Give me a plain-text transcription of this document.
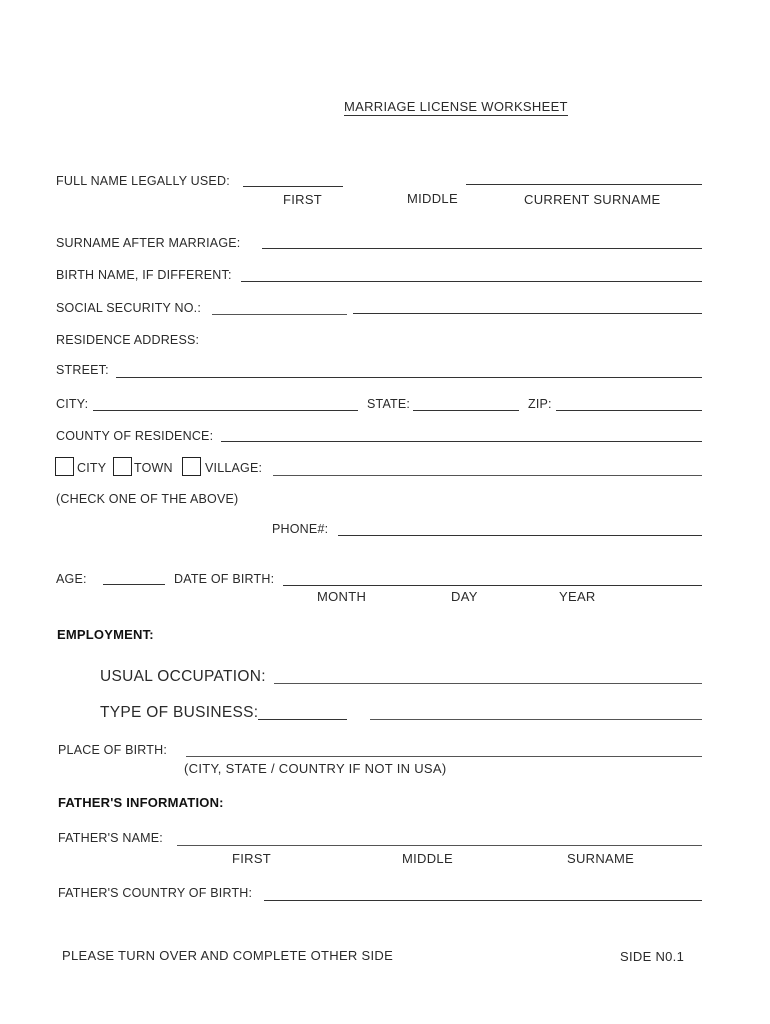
MARRIAGE LICENSE WORKSHEET
FULL NAME LEGALLY USED:
FIRST	MIDDLE	CURRENT SURNAME
SURNAME AFTER MARRIAGE:
BIRTH NAME, IF DIFFERENT:
SOCIAL SECURITY NO.:
RESIDENCE ADDRESS:
STREET:
CITY:	STATE:	ZIP:
COUNTY OF RESIDENCE:
CITY TOWN	VILLAGE:
(CHECK ONE OF THE ABOVE)
PHONE#:
AGE:	DATE OF BIRTH:
MONTH	DAY	YEAR
EMPLOYMENT:
USUAL OCCUPATION:
TYPE OF BUSINESS:
PLACE OF BIRTH:
(CITY, STATE / COUNTRY IF NOT IN USA)
FATHER'S INFORMATION:
FATHER'S NAME:
FIRST	MIDDLE	SURNAME
FATHER'S COUNTRY OF BIRTH:
PLEASE TURN OVER AND COMPLETE OTHER SIDE	SIDE N0.1
